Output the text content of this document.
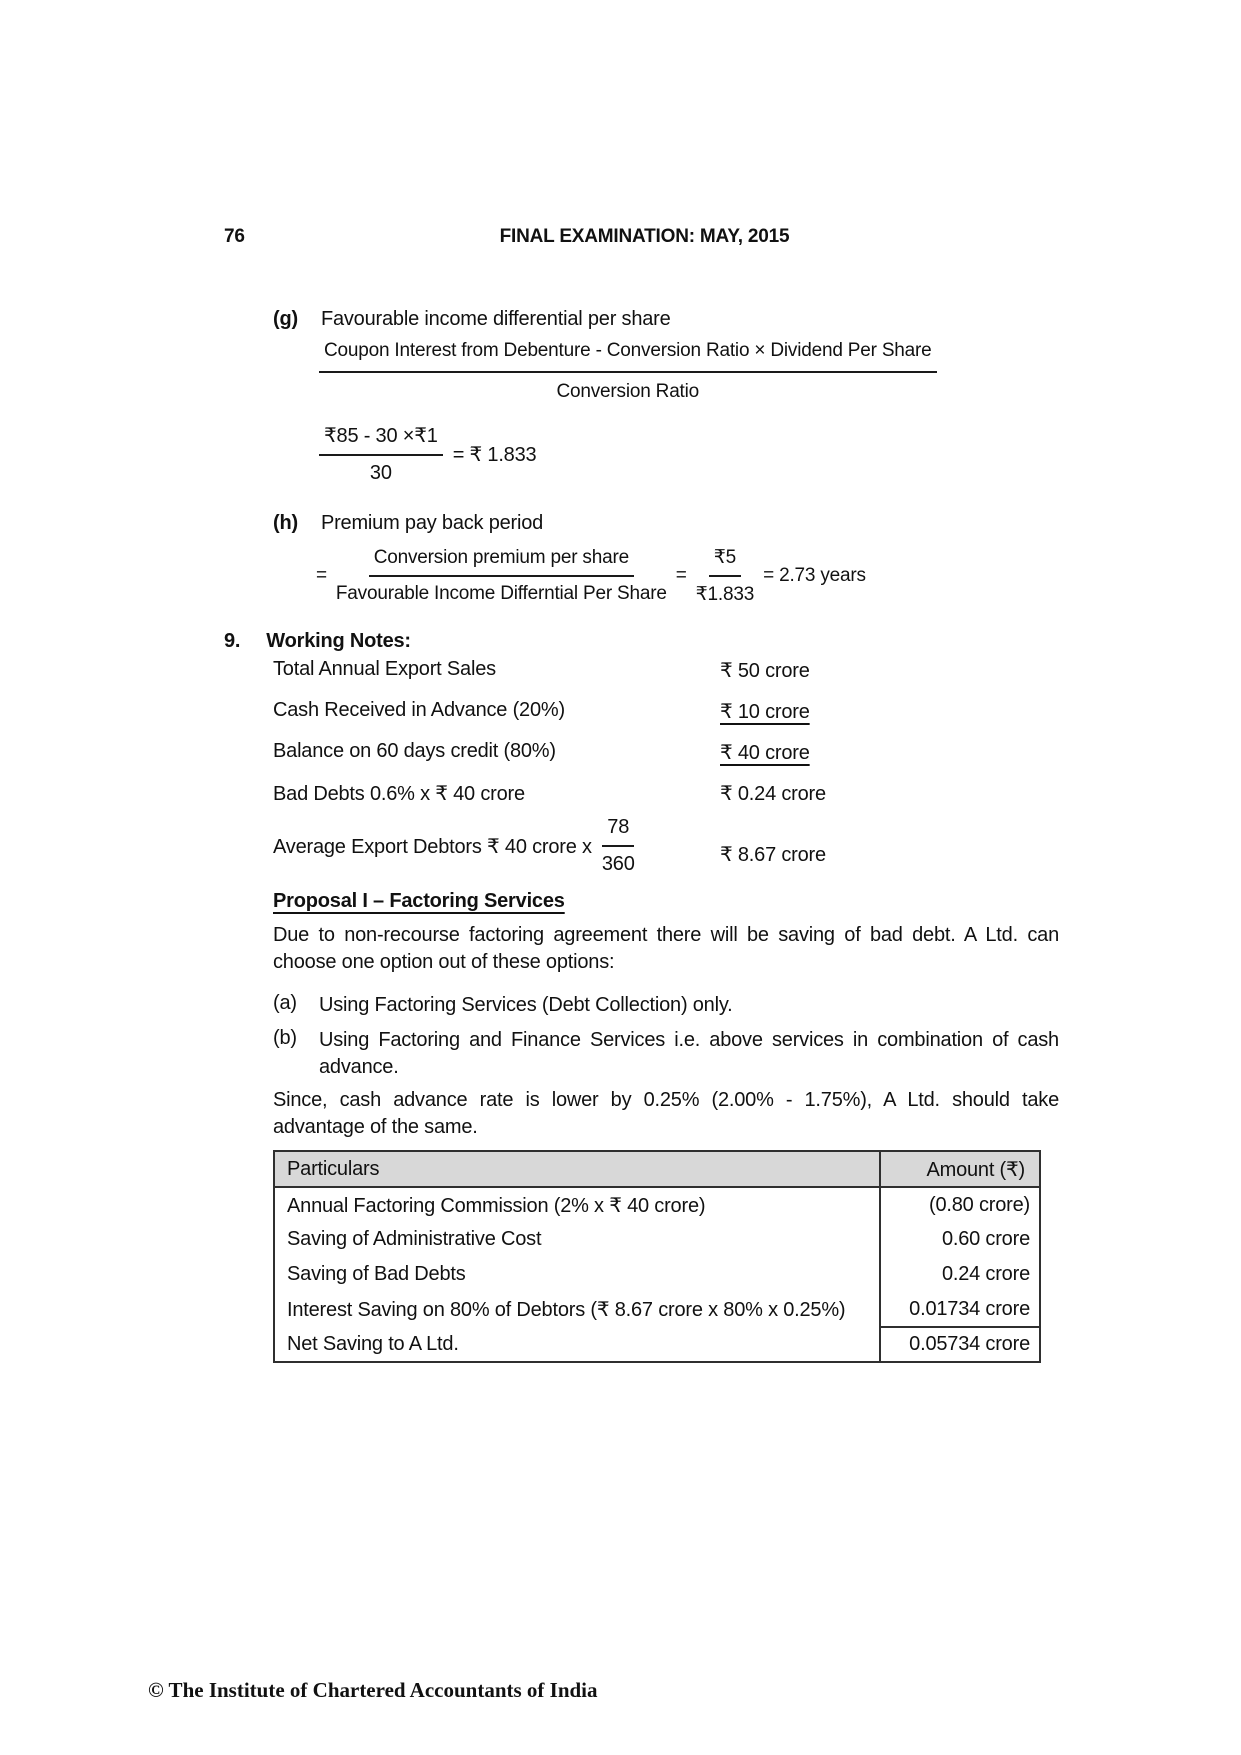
76	FINAL EXAMINATION: MAY, 2015
(g) Favourable income differential per share
Coupon Interest from Debenture - Conversion Ratio × Dividend Per Share
Conversion Ratio
$\frac{₹85 - 30 \times₹1}{30}$ = ₹ 1.833
(h) Premium pay back period
= $\frac{\text{Conversion premium per share}}{\text{Favourable Income Differntial Per Share}} = \frac{₹5}{₹1.833} = 2.73$ years
9. Working Notes:
Total Annual Export Sales	₹ 50 crore
Cash Received in Advance (20%)	₹ 10 crore
Balance on 60 days credit (80%)	₹ 40 crore
Bad Debts 0.6% x ₹ 40 crore	₹ 0.24 crore
Average Export Debtors ₹ 40 crore x $\frac{78}{360}$	₹ 8.67 crore
Proposal I – Factoring Services
Due to non-recourse factoring agreement there will be saving of bad debt. A Ltd. can
choose one option out of these options:
(a) Using Factoring Services (Debt Collection) only.
(b) Using Factoring and Finance Services i.e. above services in combination of cash
advance.
Since, cash advance rate is lower by 0.25% (2.00% - 1.75%), A Ltd. should take
advantage of the same.
Particulars	Amount (₹)
Annual Factoring Commission (2% x ₹ 40 crore)	(0.80 crore)
Saving of Administrative Cost	0.60 crore
Saving of Bad Debts	0.24 crore
Interest Saving on 80% of Debtors (₹ 8.67 crore x 80% x 0.25%)	0.01734 crore
Net Saving to A Ltd.	0.05734 crore
© The Institute of Chartered Accountants of India
